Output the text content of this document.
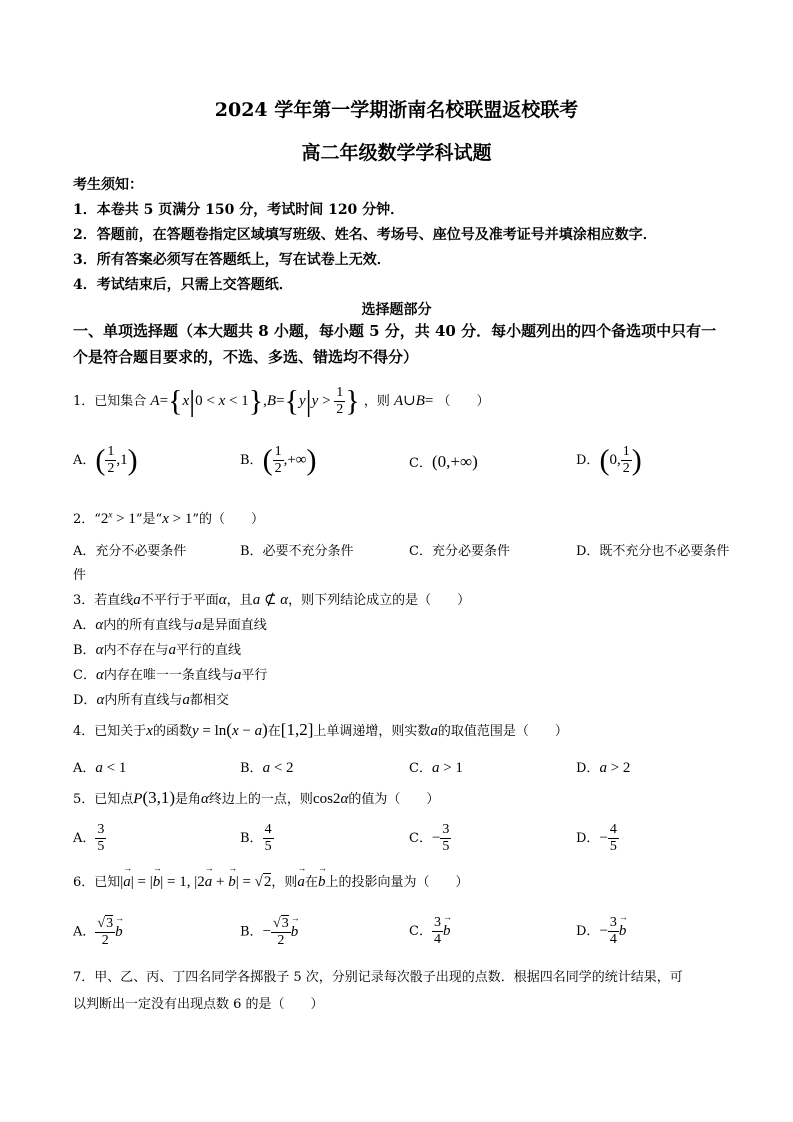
2024 学年第一学期浙南名校联盟返校联考
高二年级数学学科试题
考生须知：
1．本卷共 5 页满分 150 分，考试时间 120 分钟．
2．答题前，在答题卷指定区域填写班级、姓名、考场号、座位号及准考证号并填涂相应数字．
3．所有答案必须写在答题纸上，写在试卷上无效．
4．考试结束后，只需上交答题纸．
选择题部分
一、单项选择题（本大题共 8 小题，每小题 5 分，共 40 分．每小题列出的四个备选项中只有一个是符合题目要求的，不选、多选、错选均不得分）
1．已知集合 $A=\{x|0 < x < 1\},B=\{y|y > \frac{1}{2}$ } ，则 A∪B= （　　）
A．( $\frac{1}{2} ,1$)	B．( $\frac{1}{2}$ ,+∞)	C．(0,+∞)	D．(0, $\frac{1}{2}$ )
2．“$2^x > 1$”是“x > 1”的（　　）
A．充分不必要条件	B．必要不充分条件	C．充分必要条件	D．既不充分也不必要条件
件
3．若直线a不平行于平面α，且a ⊄ α，则下列结论成立的是（　　）
A．α内的所有直线与a是异面直线
B．α内不存在与a平行的直线
C．α内存在唯一一条直线与a平行
D．α内所有直线与a都相交
4．已知关于x的函数y = ln(x − a)在[1,2]上单调递增，则实数a的取值范围是（　　）
A．a < 1	B．a < 2	C．a > 1	D．a > 2
5．已知点P(3,1)是角α终边上的一点，则cos2α的值为（　　）
A． $\frac{3}{5}$	B． $\frac{4}{5}$	C．− $\frac{3}{5}$	D．− $\frac{4}{5}$
6．已知|→ a| = |→ b| = 1, |2→ a + → b| = √2，则→ a在→ b上的投影向量为（　　）
A． $\frac{√3}{2}$
→ b	B．− $\frac{√3}{2}$
→ b	C． $\frac{3}{4}$
→ b	D．− $\frac{3}{4}$
→ b
7．甲、乙、丙、丁四名同学各掷骰子 5 次，分别记录每次骰子出现的点数．根据四名同学的统计结果，可
以判断出一定没有出现点数 6 的是（　　）
